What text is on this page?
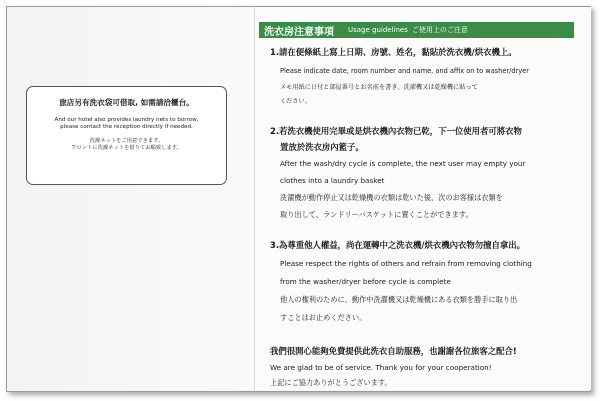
旅店另有洗衣袋可借取, 如需請洽櫃台。
And our hotel also provides laundry nets to borrow,
please contact the reception directly if needed.
洗濯ネットをご用意できます。
フロントに洗濯ネットを借りてお願致します。
洗衣房注意事項 Usage guidelines ご使用上のご注意
1.請在便條紙上寫上日期、房號、姓名，黏貼於洗衣機/烘衣機上。
Please indicate date, room number and name, and affix on to washer/dryer
メモ用紙に日付と部屋番号とお名前を書き、洗濯機又は乾燥機に貼って
ください。
2.若洗衣機使用完畢或是烘衣機內衣物已乾，下一位使用者可將衣物
置放於洗衣房內籃子。
After the wash/dry cycle is complete, the next user may empty your
clothes into a laundry basket
洗濯機が動作停止又は乾燥機の衣類は乾いた後、次のお客様は衣類を
取り出して、ランドリーバスケットに置くことができます。
3.為尊重他人權益，尚在運轉中之洗衣機/烘衣機內衣物勿擅自拿出。
Please respect the rights of others and refrain from removing clothing
from the washer/dryer before cycle is complete
他人の権利のために、動作中洗濯機又は乾燥機にある衣類を勝手に取り出
すことはお止めください。
我們很開心能夠免費提供此洗衣自助服務，也謝謝各位旅客之配合!
We are glad to be of service. Thank you for your cooperation!
上記にご協力ありがとうございます。
